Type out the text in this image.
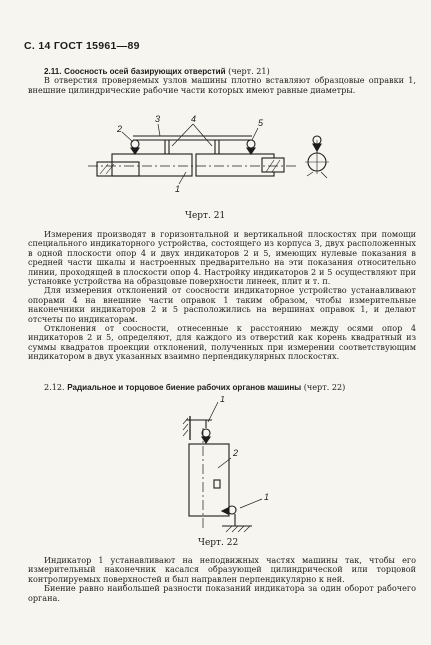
С. 14 ГОСТ 15961—89

2.11. Соосность осей базирующих отверстий (черт. 21)

В отверстия проверяемых узлов машины плотно вставляют образцовые оправки 1, внешние цилиндрические рабочие части которых имеют равные диаметры.

2
3	4	5
1
Черт. 21

Измерения производят в горизонтальной и вертикальной плоскостях при помощи специального индикаторного устройства, состоящего из корпуса 3, двух расположенных в одной плоскости опор 4 и двух индикаторов 2 и 5, имеющих нулевые показания в средней части шкалы и настроенных предварительно на эти показания относительно линии, проходящей в плоскости опор 4. Настройку индикаторов 2 и 5 осуществляют при установке устройства на образцовые поверхности линеек, плит и т. п.

Для измерения отклонений от соосности индикаторное устройство устанавливают опорами 4 на внешние части оправок 1 таким образом, чтобы измерительные наконечники индикаторов 2 и 5 расположились на вершинах оправок 1, и делают отсчеты по индикаторам.

Отклонения от соосности, отнесенные к расстоянию между осями опор 4 индикаторов 2 и 5, определяют, для каждого из отверстий как корень квадратный из суммы квадратов проекции отклонений, полученных при измерении соответствующим индикатором в двух указанных взаимно перпендикулярных плоскостях.

2.12. Радиальное и торцовое биение рабочих органов машины (черт. 22)

1
2
1
Черт. 22

Индикатор 1 устанавливают на неподвижных частях машины так, чтобы его измерительный наконечник касался образующей цилиндрической или торцовой контролируемых поверхностей и был направлен перпендикулярно к ней.

Биение равно наибольшей разности показаний индикатора за один оборот рабочего органа.
